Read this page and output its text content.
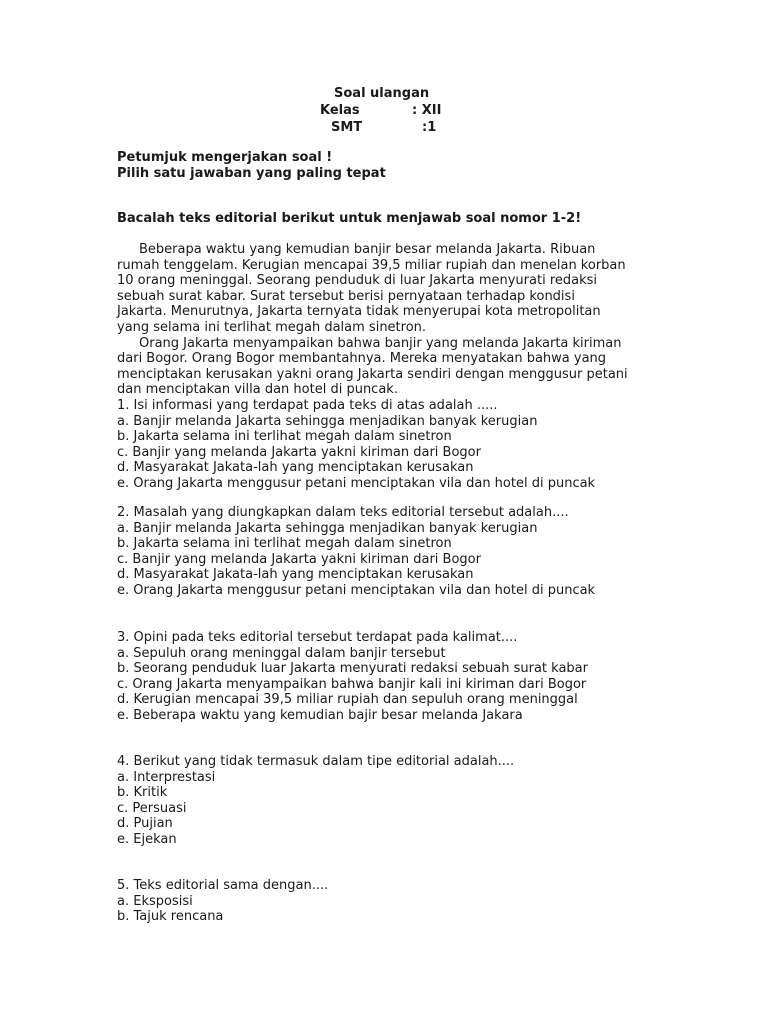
Soal ulangan
Kelas	: XII
SMT	:1
Petumjuk mengerjakan soal !
Pilih satu jawaban yang paling tepat
Bacalah teks editorial berikut untuk menjawab soal nomor 1-2!
Beberapa waktu yang kemudian banjir besar melanda Jakarta. Ribuan
rumah tenggelam. Kerugian mencapai 39,5 miliar rupiah dan menelan korban
10 orang meninggal. Seorang penduduk di luar Jakarta menyurati redaksi
sebuah surat kabar. Surat tersebut berisi pernyataan terhadap kondisi
Jakarta. Menurutnya, Jakarta ternyata tidak menyerupai kota metropolitan
yang selama ini terlihat megah dalam sinetron.
Orang Jakarta menyampaikan bahwa banjir yang melanda Jakarta kiriman
dari Bogor. Orang Bogor membantahnya. Mereka menyatakan bahwa yang
menciptakan kerusakan yakni orang Jakarta sendiri dengan menggusur petani
dan menciptakan villa dan hotel di puncak.
1. Isi informasi yang terdapat pada teks di atas adalah .....
a. Banjir melanda Jakarta sehingga menjadikan banyak kerugian
b. Jakarta selama ini terlihat megah dalam sinetron
c. Banjir yang melanda Jakarta yakni kiriman dari Bogor
d. Masyarakat Jakata-lah yang menciptakan kerusakan
e. Orang Jakarta menggusur petani menciptakan vila dan hotel di puncak
2. Masalah yang diungkapkan dalam teks editorial tersebut adalah....
a. Banjir melanda Jakarta sehingga menjadikan banyak kerugian
b. Jakarta selama ini terlihat megah dalam sinetron
c. Banjir yang melanda Jakarta yakni kiriman dari Bogor
d. Masyarakat Jakata-lah yang menciptakan kerusakan
e. Orang Jakarta menggusur petani menciptakan vila dan hotel di puncak
3. Opini pada teks editorial tersebut terdapat pada kalimat....
a. Sepuluh orang meninggal dalam banjir tersebut
b. Seorang penduduk luar Jakarta menyurati redaksi sebuah surat kabar
c. Orang Jakarta menyampaikan bahwa banjir kali ini kiriman dari Bogor
d. Kerugian mencapai 39,5 miliar rupiah dan sepuluh orang meninggal
e. Beberapa waktu yang kemudian bajir besar melanda Jakara
4. Berikut yang tidak termasuk dalam tipe editorial adalah....
a. Interprestasi
b. Kritik
c. Persuasi
d. Pujian
e. Ejekan
5. Teks editorial sama dengan....
a. Eksposisi
b. Tajuk rencana
